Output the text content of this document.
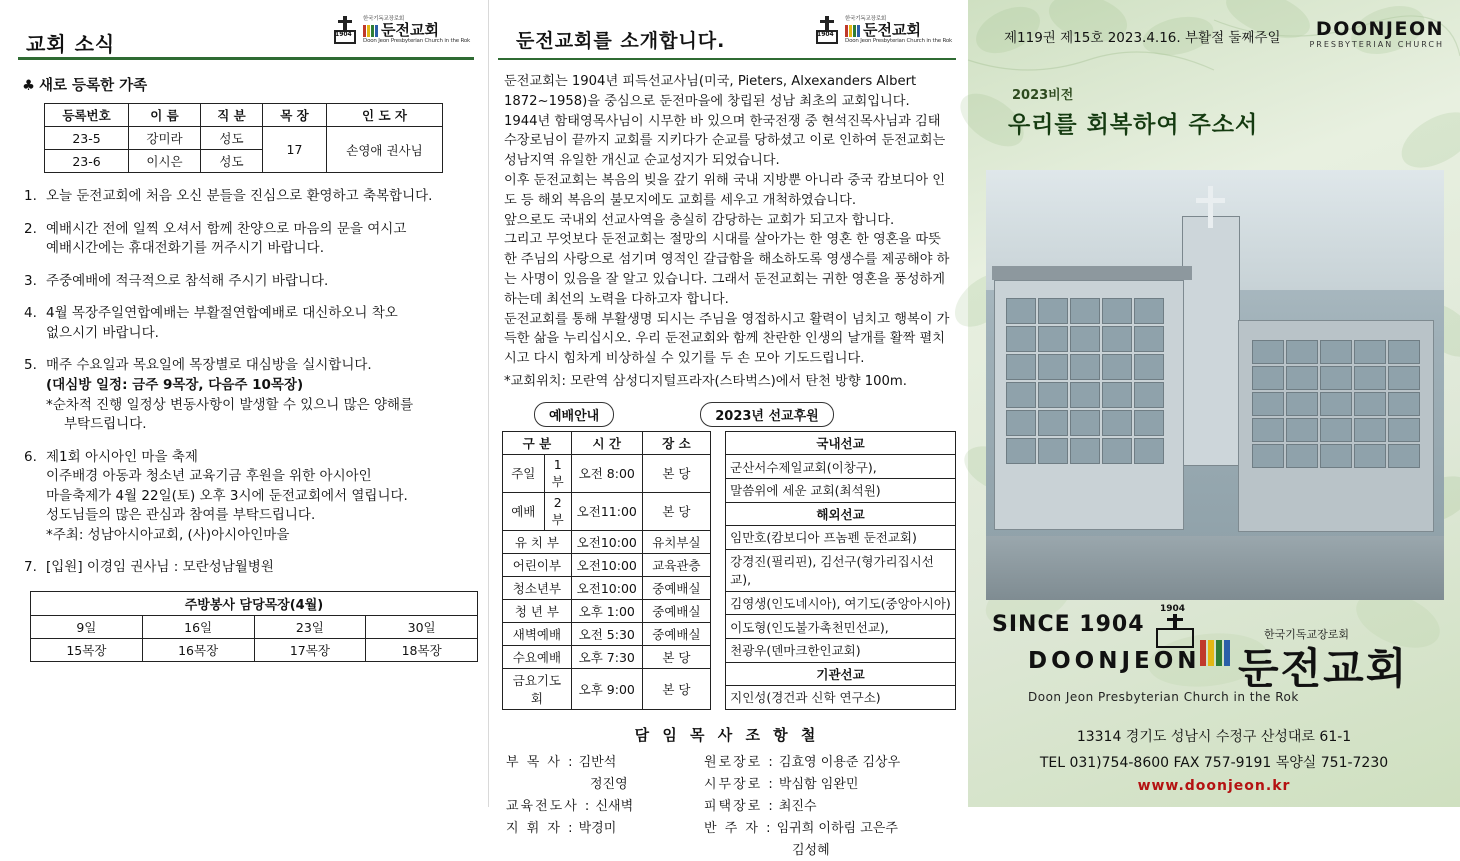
교회 소식	1904
한국기독교장로회
둔전교회
Doon Jeon Presbyterian Church in the Rok
♣ 새로 등록한 가족
등록번호	이 름	직 분	목 장	인 도 자
23-5	강미라	성도	17	손영애 권사님
23-6	이시은	성도		
1. 오늘 둔전교회에 처음 오신 분들을 진심으로 환영하고 축복합니다.
2. 예배시간 전에 일찍 오셔서 함께 찬양으로 마음의 문을 여시고
예배시간에는 휴대전화기를 꺼주시기 바랍니다.
3. 주중예배에 적극적으로 참석해 주시기 바랍니다.
4. 4월 목장주일연합예배는 부활절연합예배로 대신하오니 착오
없으시기 바랍니다.
5. 매주 수요일과 목요일에 목장별로 대심방을 실시합니다.
(대심방 일정: 금주 9목장, 다음주 10목장)
*순차적 진행 일정상 변동사항이 발생할 수 있으니 많은 양해를
부탁드립니다.
6. 제1회 아시아인 마을 축제
이주배경 아동과 청소년 교육기금 후원을 위한 아시아인
마을축제가 4월 22일(토) 오후 3시에 둔전교회에서 열립니다.
성도님들의 많은 관심과 참여를 부탁드립니다.
*주최: 성남아시아교회, (사)아시아인마을
7. [입원] 이경임 권사님 : 모란성남월병원
주방봉사 담당목장(4월)			
9일	16일	23일	30일
15목장	16목장	17목장	18목장
둔전교회를 소개합니다.	1904
한국기독교장로회
둔전교회
Doon Jeon Presbyterian Church in the Rok

둔전교회는 1904년 피득선교사님(미국, Pieters, Alxexanders Albert 1872~1958)을 중심으로 둔전마을에 창립된 성남 최초의 교회입니다.

1944년 함태영목사님이 시무한 바 있으며 한국전쟁 중 현석진목사님과 김태수장로님이 끝까지 교회를 지키다가 순교를 당하셨고 이로 인하여 둔전교회는 성남지역 유일한 개신교 순교성지가 되었습니다.

이후 둔전교회는 복음의 빚을 갚기 위해 국내 지방뿐 아니라 중국 캄보디아 인도 등 해외 복음의 불모지에도 교회를 세우고 개척하였습니다.

앞으로도 국내외 선교사역을 충실히 감당하는 교회가 되고자 합니다.

그리고 무엇보다 둔전교회는 절망의 시대를 살아가는 한 영혼 한 영혼을 따뜻한 주님의 사랑으로 섬기며 영적인 갈급함을 해소하도록 영생수를 제공해야 하는 사명이 있음을 잘 알고 있습니다. 그래서 둔전교회는 귀한 영혼을 풍성하게 하는데 최선의 노력을 다하고자 합니다.

둔전교회를 통해 부활생명 되시는 주님을 영접하시고 활력이 넘치고 행복이 가득한 삶을 누리십시오. 우리 둔전교회와 함께 찬란한 인생의 날개를 활짝 펼치시고 다시 힘차게 비상하실 수 있기를 두 손 모아 기도드립니다.

*교회위치: 모란역 삼성디지털프라자(스타벅스)에서 탄천 방향 100m.

예배안내	2023년 선교후원
구 분		시 간	장 소
주일	1부	오전 8:00	본 당
예배	2부	오전11:00	본 당
유 치 부		오전10:00	유치부실
어린이부		오전10:00	교육관층
청소년부		오전10:00	중예배실
청 년 부		오후 1:00	중예배실
새벽예배		오전 5:30	중예배실
수요예배		오후 7:30	본 당
금요기도회		오후 9:00	본 당
국내선교
군산서수제일교회(이창구),
말씀위에 세운 교회(최석원)
해외선교
임만호(캄보디아 프놈펜 둔전교회)
강경진(필리핀), 김선구(형가리집시선교),
김영생(인도네시아), 여기도(중앙아시아)
이도형(인도불가촉천민선교),
천광우(덴마크한인교회)
기관선교
지인성(경건과 신학 연구소)
담 임 목 사 조 항 철
부 목 사 : 김반석
정진영
교육전도사 : 신새벽
지 휘 자 : 박경미
원로장로 : 김효영 이용준 김상우
시무장로 : 박심함 임완민
피택장로 : 최진수
반 주 자 : 임귀희 이하림 고은주
김성혜
제119권 제15호 2023.4.16. 부활절 둘째주일	DOONJEON
PRESBYTERIAN CHURCH
2023비전
우리를 회복하여 주소서
SINCE 1904
1904
한국기독교장로회
DOONJEON 둔전교회
Doon Jeon Presbyterian Church in the Rok
13314 경기도 성남시 수정구 산성대로 61-1
TEL 031)754-8600 FAX 757-9191 목양실 751-7230
www.doonjeon.kr
